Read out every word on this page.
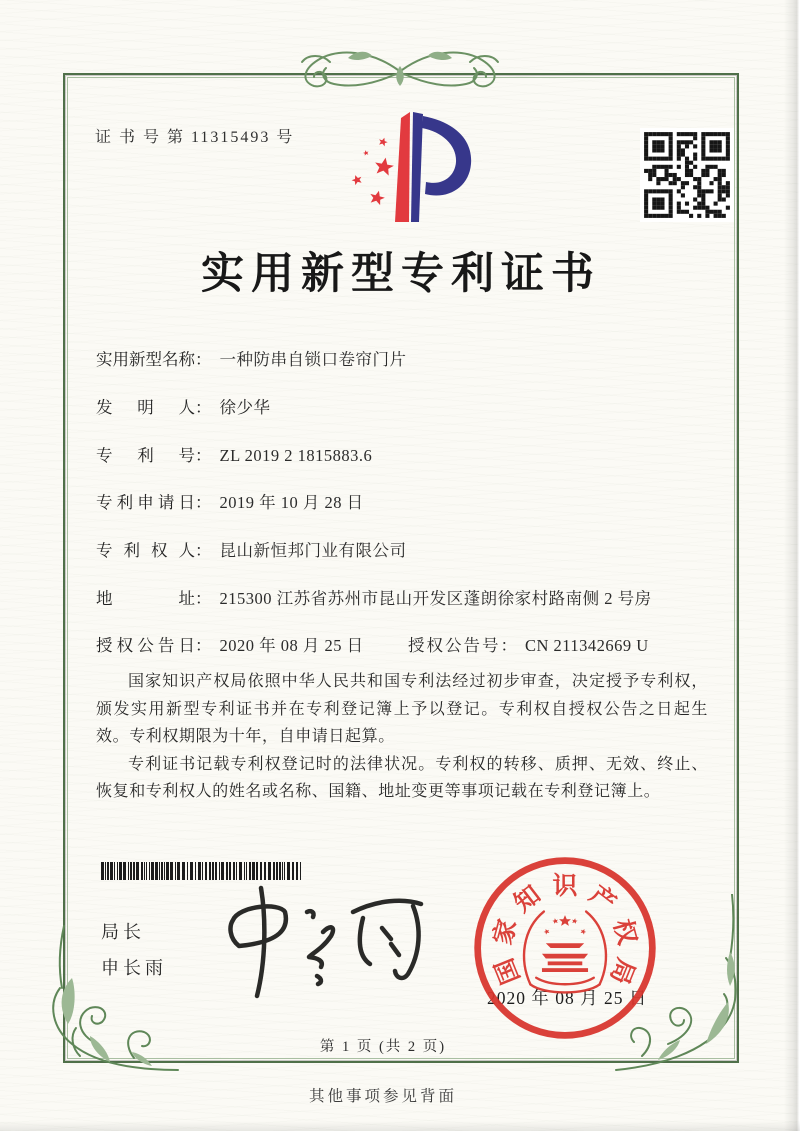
证 书 号 第 11315493 号
实用新型专利证书
实用新型名称： 一种防串自锁口卷帘门片
发明人： 徐少华
专利号： ZL 2019 2 1815883.6
专利申请日： 2019 年 10 月 28 日
专利权人： 昆山新恒邦门业有限公司
地址： 215300 江苏省苏州市昆山开发区蓬朗徐家村路南侧 2 号房
授权公告日： 2020 年 08 月 25 日	授权公告号： CN 211342669 U

国家知识产权局依照中华人民共和国专利法经过初步审查，决定授予专利权，颁发实用新型专利证书并在专利登记簿上予以登记。专利权自授权公告之日起生效。专利权期限为十年，自申请日起算。

专利证书记载专利权登记时的法律状况。专利权的转移、质押、无效、终止、恢复和专利权人的姓名或名称、国籍、地址变更等事项记载在专利登记簿上。

局长
申长雨
2020 年 08 月 25 日
国
家
知 识 产
权
局
第 1 页 (共 2 页)
其他事项参见背面
